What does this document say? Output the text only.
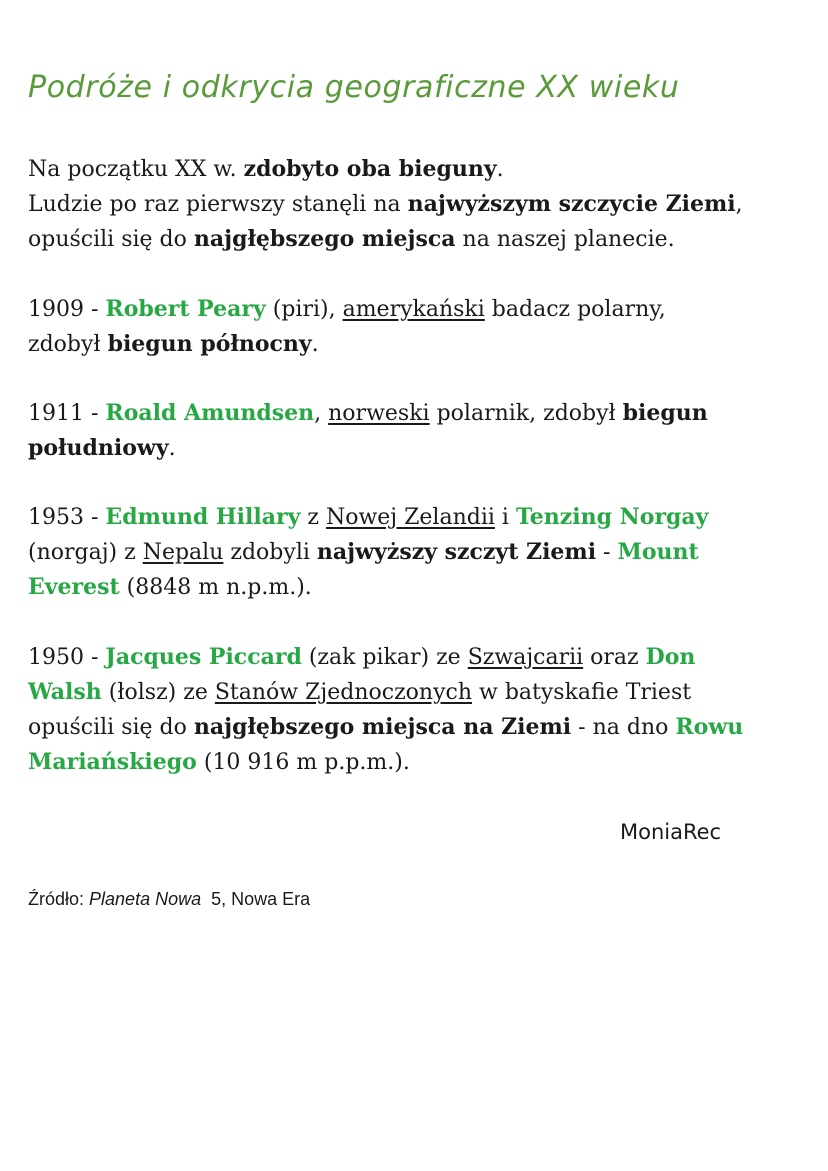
Podróże i odkrycia geograficzne XX wieku

Na początku XX w. zdobyto oba bieguny.
Ludzie po raz pierwszy stanęli na najwyższym szczycie Ziemi,
opuścili się do najgłębszego miejsca na naszej planecie.

1909 - Robert Peary (piri), amerykański badacz polarny,
zdobył biegun północny.

1911 - Roald Amundsen, norweski polarnik, zdobył biegun
południowy.

1953 - Edmund Hillary z Nowej Zelandii i Tenzing Norgay
(norgaj) z Nepalu zdobyli najwyższy szczyt Ziemi - Mount
Everest (8848 m n.p.m.).

1950 - Jacques Piccard (zak pikar) ze Szwajcarii oraz Don
Walsh (łolsz) ze Stanów Zjednoczonych w batyskafie Triest
opuścili się do najgłębszego miejsca na Ziemi - na dno Rowu
Mariańskiego (10 916 m p.p.m.).

MoniaRec
Źródło: Planeta Nowa  5, Nowa Era
